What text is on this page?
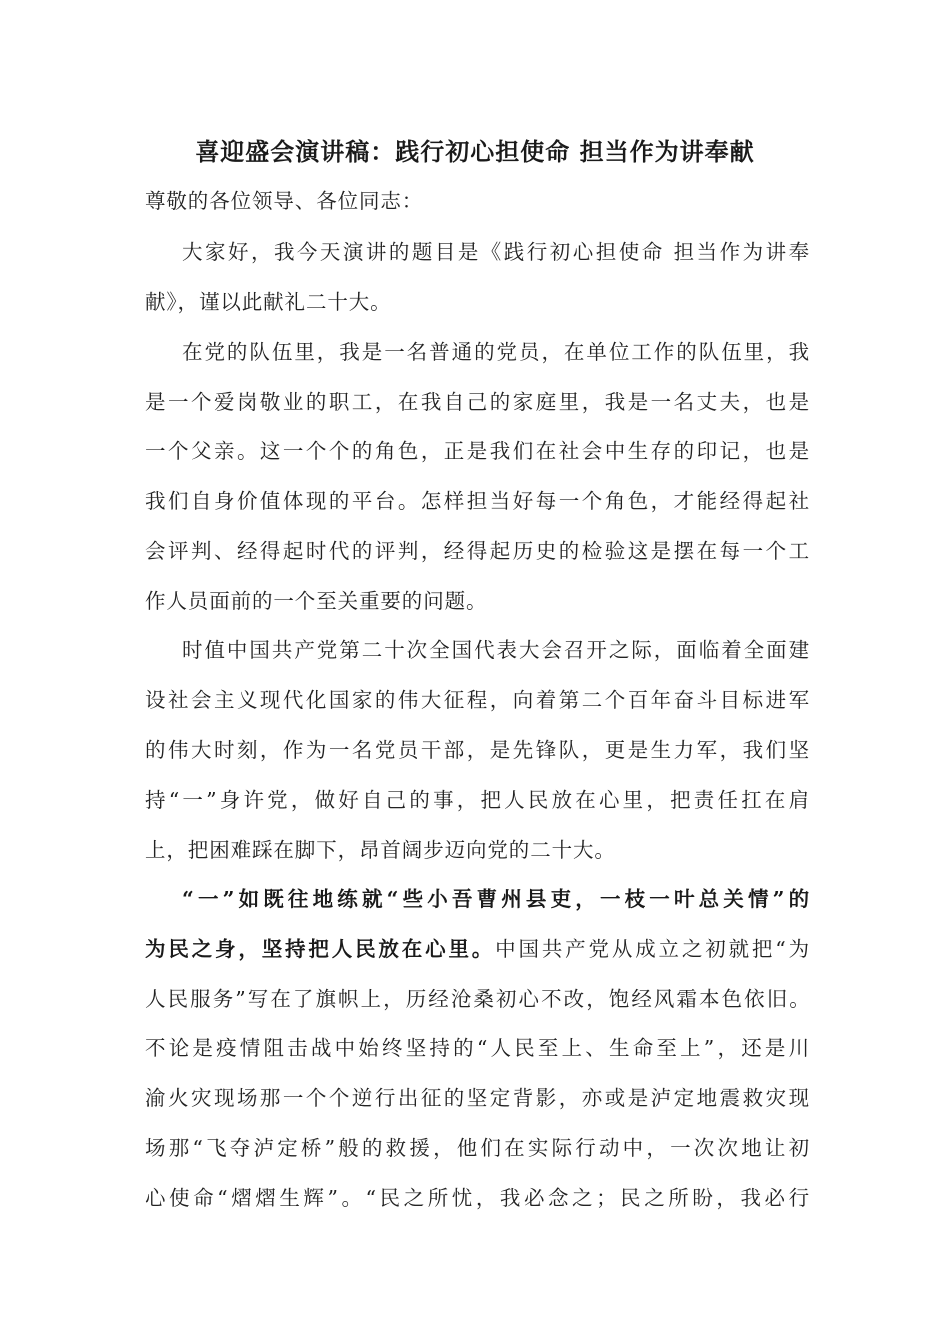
喜迎盛会演讲稿：践行初心担使命 担当作为讲奉献
尊敬的各位领导、各位同志：
大家好，我今天演讲的题目是《践行初心担使命 担当作为讲奉
献》，谨以此献礼二十大。
在党的队伍里，我是一名普通的党员，在单位工作的队伍里，我
是一个爱岗敬业的职工，在我自己的家庭里，我是一名丈夫，也是
一个父亲。这一个个的角色，正是我们在社会中生存的印记，也是
我们自身价值体现的平台。怎样担当好每一个角色，才能经得起社
会评判、经得起时代的评判，经得起历史的检验这是摆在每一个工
作人员面前的一个至关重要的问题。
时值中国共产党第二十次全国代表大会召开之际，面临着全面建
设社会主义现代化国家的伟大征程，向着第二个百年奋斗目标进军
的伟大时刻，作为一名党员干部，是先锋队，更是生力军，我们坚
持“一”身许党，做好自己的事，把人民放在心里，把责任扛在肩
上，把困难踩在脚下，昂首阔步迈向党的二十大。
“一”如既往地练就“些小吾曹州县吏，一枝一叶总关情”的
为民之身，坚持把人民放在心里。中国共产党从成立之初就把“为
人民服务”写在了旗帜上，历经沧桑初心不改，饱经风霜本色依旧。
不论是疫情阻击战中始终坚持的“人民至上、生命至上”，还是川
渝火灾现场那一个个逆行出征的坚定背影，亦或是泸定地震救灾现
场那“飞夺泸定桥”般的救援，他们在实际行动中，一次次地让初
心使命“熠熠生辉”。“民之所忧，我必念之；民之所盼，我必行
